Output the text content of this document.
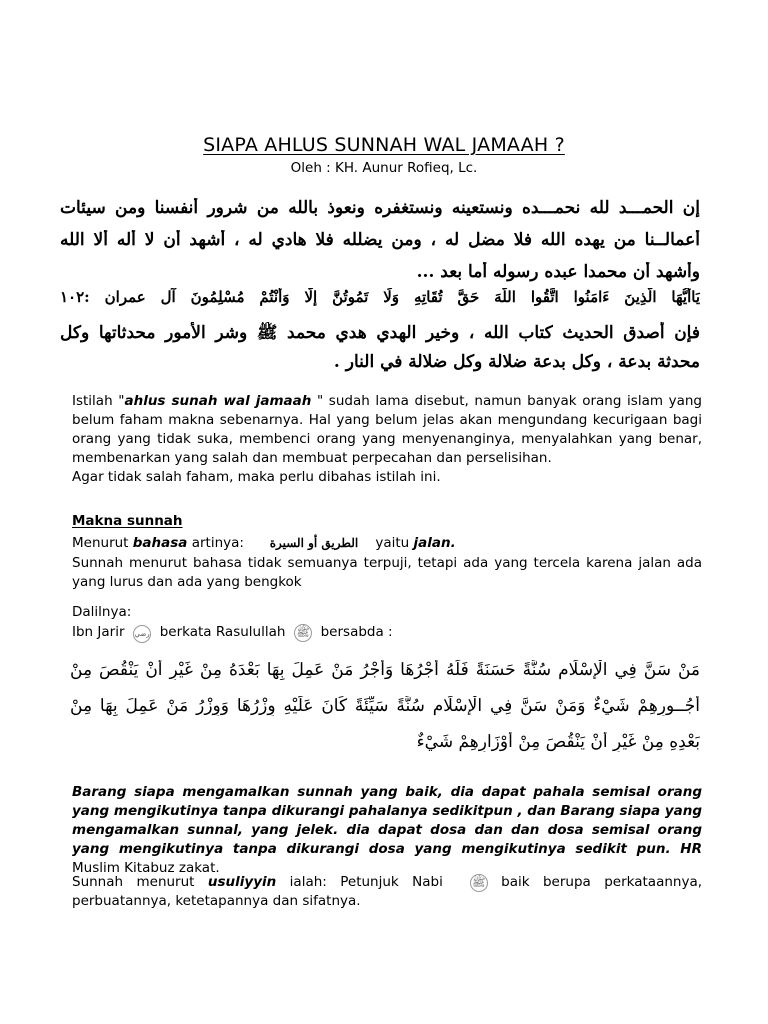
SIAPA AHLUS SUNNAH WAL JAMAAH ?
Oleh : KH. Aunur Rofieq, Lc.
إن الحمـــد لله نحمـــده ونستعينه ونستغفره ونعوذ بالله من شرور أنفسنا ومن سيئات
أعمالــنا من يهده الله فلا مضل له ، ومن يضلله فلا هادي له ، أشهد أن لا أله ألا الله
وأشهد أن محمدا عبده رسوله أما بعد ...
يَاأَيُّهَا الَّذِينَ ءَامَنُوا اتَّقُوا اللَّهَ حَقَّ تُقَاتِهِ وَلَا تَمُوتُنَّ إِلَّا وَأَنْتُمْ مُسْلِمُونَ آل عمران :١٠٢
فإن أصدق الحديث كتاب الله ، وخير الهدي هدي محمد ﷺ وشر الأمور محدثاتها وكل
محدثة بدعة ، وكل بدعة ضلالة وكل ضلالة في النار .

Istilah "ahlus sunah wal jamaah " sudah lama disebut, namun banyak orang islam yang belum faham makna sebenarnya. Hal yang belum jelas akan mengundang kecurigaan bagi orang yang tidak suka, membenci orang yang menyenanginya, menyalahkan yang benar, membenarkan yang salah dan membuat perpecahan dan perselisihan.

Agar tidak salah faham, maka perlu dibahas istilah ini.

Makna sunnah
Menurut bahasa artinya: الطريق أو السيرة yaitu jalan.

Sunnah menurut bahasa tidak semuanya terpuji, tetapi ada yang tercela karena jalan ada yang lurus dan ada yang bengkok

Dalilnya:
Ibn Jarir رضي berkata Rasulullah ﷺ bersabda :
مَنْ سَنَّ فِي الْإِسْلَامِ سُنَّةً حَسَنَةً فَلَهُ أَجْرُهَا وَأَجْرُ مَنْ عَمِلَ بِهَا بَعْدَهُ مِنْ غَيْرِ أَنْ يَنْقُصَ مِنْ
أُجُــورِهِمْ شَيْءٌ وَمَنْ سَنَّ فِي الْإِسْلَامِ سُنَّةً سَيِّئَةً كَانَ عَلَيْهِ وِزْرُهَا وَوِزْرُ مَنْ عَمِلَ بِهَا مِنْ
بَعْدِهِ مِنْ غَيْرِ أَنْ يَنْقُصَ مِنْ أَوْزَارِهِمْ شَيْءٌ

Barang siapa mengamalkan sunnah yang baik, dia dapat pahala semisal orang yang mengikutinya tanpa dikurangi pahalanya sedikitpun , dan Barang siapa yang mengamalkan sunnal, yang jelek. dia dapat dosa dan dan dosa semisal orang yang mengikutinya tanpa dikurangi dosa yang mengikutinya sedikit pun. HR Muslim Kitabuz zakat.

Sunnah menurut usuliyyin ialah: Petunjuk Nabi	ﷺ baik berupa perkataannya, perbuatannya, ketetapannya dan sifatnya.
